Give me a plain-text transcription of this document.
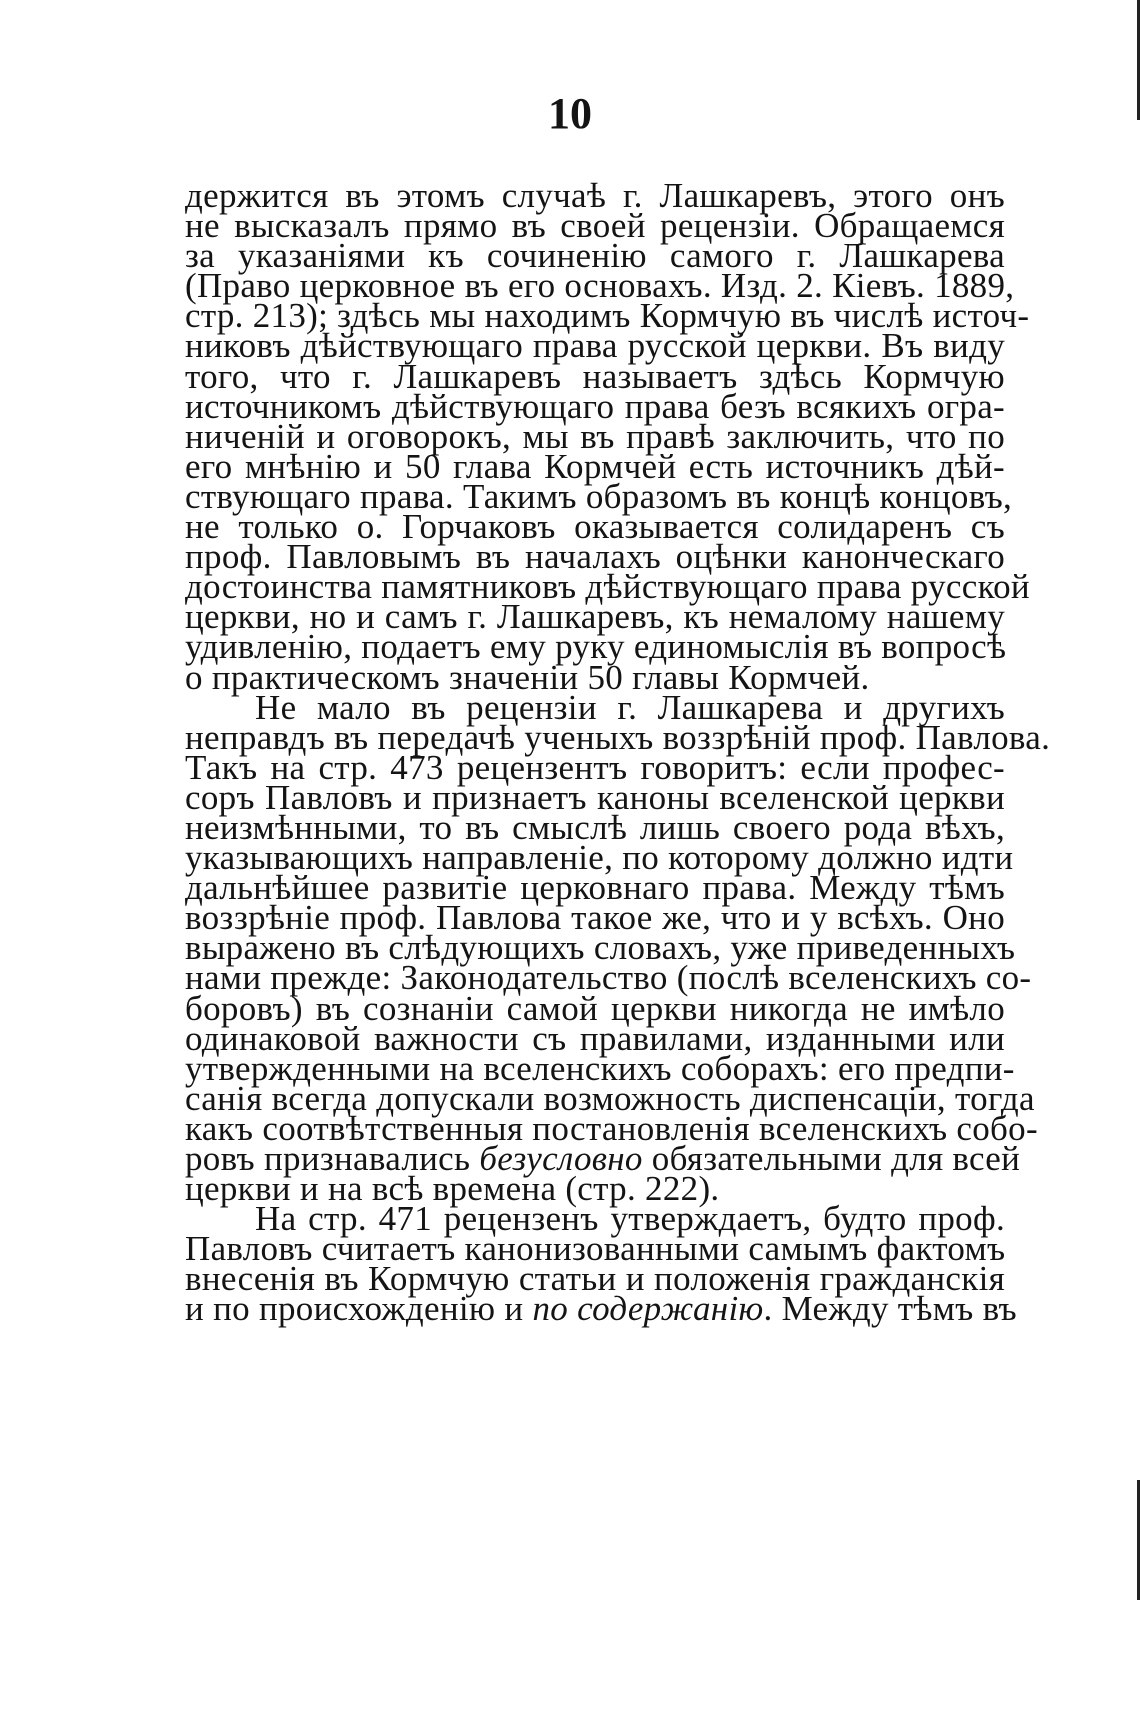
10
держится въ этомъ случаѣ г. Лашкаревъ, этого онъ
не высказалъ прямо въ своей рецензіи. Обращаемся
за указаніями къ сочиненію самого г. Лашкарева
(Право церковное въ его основахъ. Изд. 2. Кіевъ. 1889,
стр. 213); здѣсь мы находимъ Кормчую въ числѣ источ-
никовъ дѣйствующаго права русской церкви. Въ виду
того, что г. Лашкаревъ называетъ здѣсь Кормчую
источникомъ дѣйствующаго права безъ всякихъ огра-
ниченій и оговорокъ, мы въ правѣ заключить, что по
его мнѣнію и 50 глава Кормчей есть источникъ дѣй-
ствующаго права. Такимъ образомъ въ концѣ концовъ,
не только о. Горчаковъ оказывается солидаренъ съ
проф. Павловымъ въ началахъ оцѣнки канонческаго
достоинства памятниковъ дѣйствующаго права русской
церкви, но и самъ г. Лашкаревъ, къ немалому нашему
удивленію, подаетъ ему руку единомыслія въ вопросѣ
о практическомъ значеніи 50 главы Кормчей.
Не мало въ рецензіи г. Лашкарева и другихъ
неправдъ въ передачѣ ученыхъ воззрѣній проф. Павлова.
Такъ на стр. 473 рецензентъ говоритъ: если профес-
соръ Павловъ и признаетъ каноны вселенской церкви
неизмѣнными, то въ смыслѣ лишь своего рода вѣхъ,
указывающихъ направленіе, по которому должно идти
дальнѣйшее развитіе церковнаго права. Между тѣмъ
воззрѣніе проф. Павлова такое же, что и у всѣхъ. Оно
выражено въ слѣдующихъ словахъ, уже приведенныхъ
нами прежде: Законодательство (послѣ вселенскихъ со-
боровъ) въ сознаніи самой церкви никогда не имѣло
одинаковой важности съ правилами, изданными или
утвержденными на вселенскихъ соборахъ: его предпи-
санія всегда допускали возможность диспенсаціи, тогда
какъ соотвѣтственныя постановленія вселенскихъ собо-
ровъ признавались безусловно обязательными для всей
церкви и на всѣ времена (стр. 222).
На стр. 471 рецензенъ утверждаетъ, будто проф.
Павловъ считаетъ канонизованными самымъ фактомъ
внесенія въ Кормчую статьи и положенія гражданскія
и по происхожденію и по содержанію. Между тѣмъ въ
